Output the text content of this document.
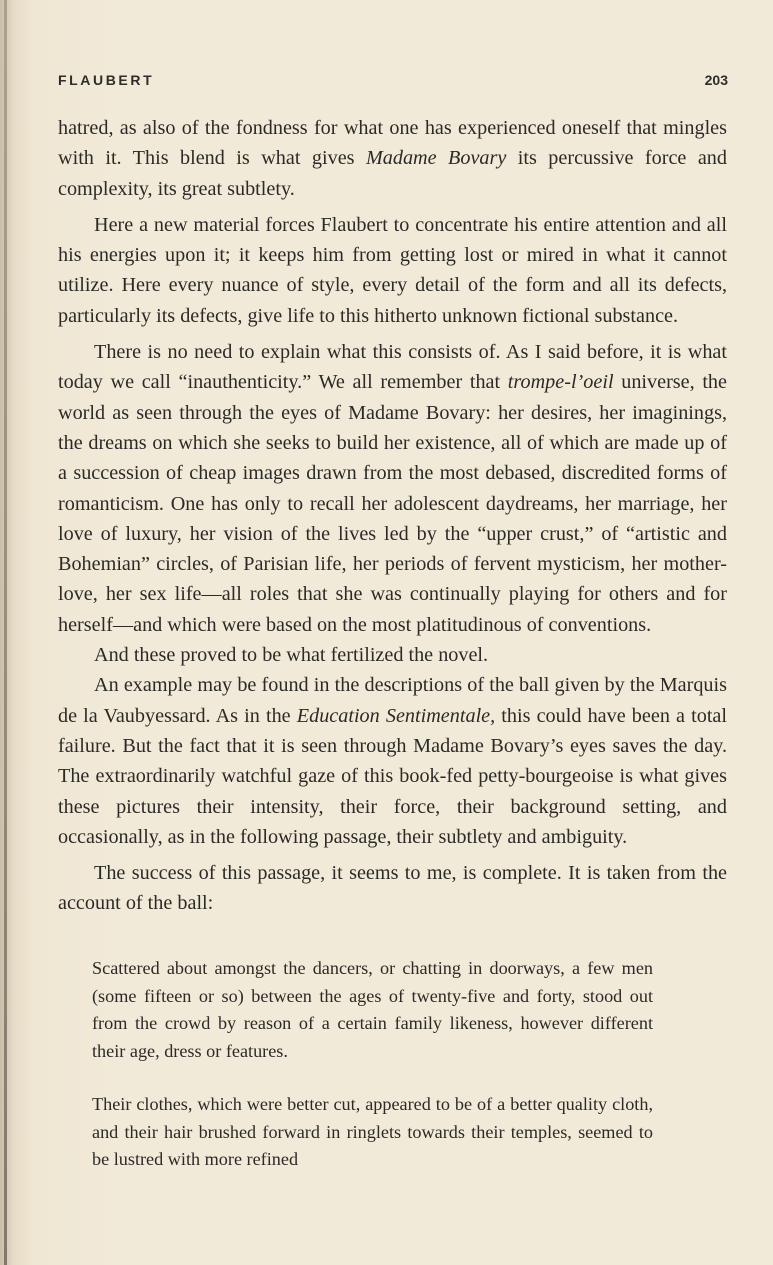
FLAUBERT	203

hatred, as also of the fondness for what one has experienced oneself that mingles with it. This blend is what gives Madame Bovary its percussive force and complexity, its great subtlety.

Here a new material forces Flaubert to concentrate his entire attention and all his energies upon it; it keeps him from getting lost or mired in what it cannot utilize. Here every nuance of style, every detail of the form and all its defects, particularly its defects, give life to this hitherto unknown fictional substance.

There is no need to explain what this consists of. As I said before, it is what today we call “inauthenticity.” We all remember that trompe-l’oeil universe, the world as seen through the eyes of Madame Bovary: her desires, her imaginings, the dreams on which she seeks to build her existence, all of which are made up of a succession of cheap images drawn from the most debased, discredited forms of romanticism. One has only to recall her adolescent daydreams, her marriage, her love of luxury, her vision of the lives led by the “upper crust,” of “artistic and Bohemian” circles, of Parisian life, her periods of fervent mysticism, her mother-love, her sex life—all roles that she was continually playing for others and for herself—and which were based on the most platitudinous of conventions.

And these proved to be what fertilized the novel.

An example may be found in the descriptions of the ball given by the Marquis de la Vaubyessard. As in the Education Sentimentale, this could have been a total failure. But the fact that it is seen through Madame Bovary’s eyes saves the day. The extraordinarily watchful gaze of this book-fed petty-bourgeoise is what gives these pictures their intensity, their force, their background setting, and occasionally, as in the following passage, their subtlety and ambiguity.

The success of this passage, it seems to me, is complete. It is taken from the account of the ball:

Scattered about amongst the dancers, or chatting in doorways, a few men (some fifteen or so) between the ages of twenty-five and forty, stood out from the crowd by reason of a certain family likeness, however different their age, dress or features.

Their clothes, which were better cut, appeared to be of a better quality cloth, and their hair brushed forward in ringlets towards their temples, seemed to be lustred with more refined
